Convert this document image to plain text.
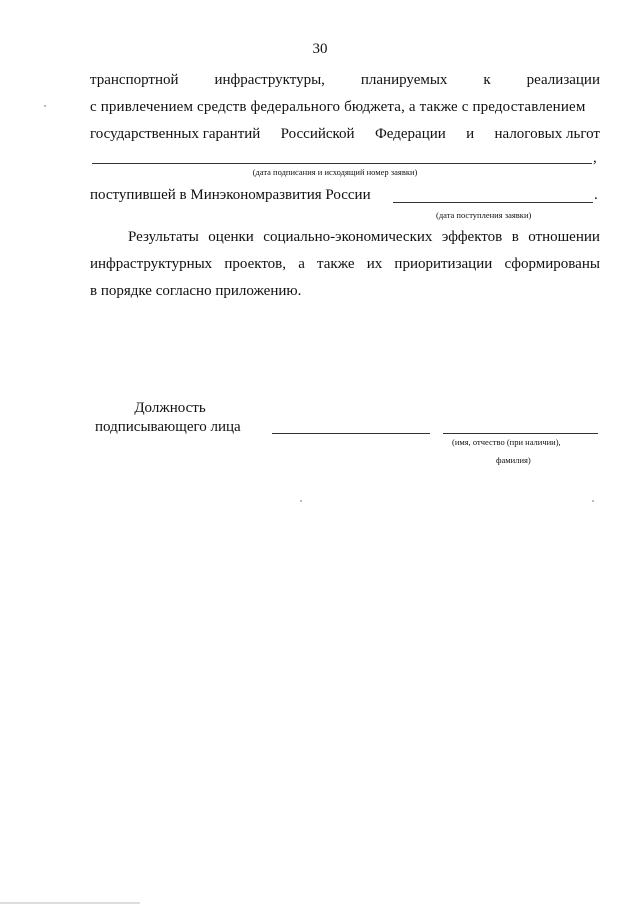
30
транспортной инфраструктуры, планируемых к реализации
с привлечением средств федерального бюджета, а также с предоставлением
государственных гарантий Российской Федерации и налоговых льгот
,
(дата подписания и исходящий номер заявки)
поступившей в Минэкономразвития России	.
(дата поступления заявки)
Результаты оценки социально-экономических эффектов в отношении
инфраструктурных проектов, а также их приоритизации сформированы
в порядке согласно приложению.
Должность
подписывающего лица
(имя, отчество (при наличии),
фамилия)
